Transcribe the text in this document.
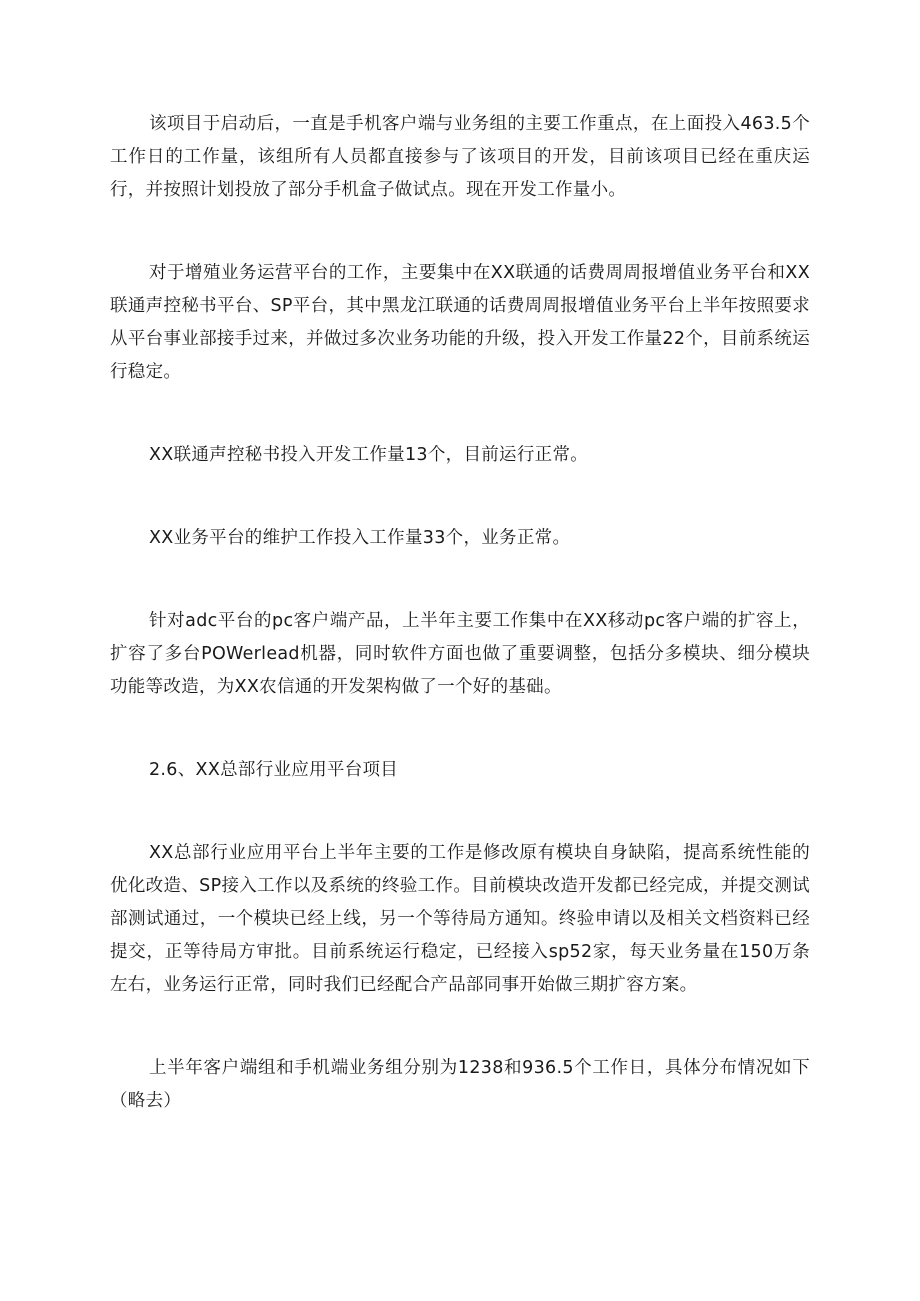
该项目于启动后，一直是手机客户端与业务组的主要工作重点，在上面投入463.5个工作日的工作量，该组所有人员都直接参与了该项目的开发，目前该项目已经在重庆运行，并按照计划投放了部分手机盒子做试点。现在开发工作量小。

对于增殖业务运营平台的工作，主要集中在XX联通的话费周周报增值业务平台和XX联通声控秘书平台、SP平台，其中黑龙江联通的话费周周报增值业务平台上半年按照要求从平台事业部接手过来，并做过多次业务功能的升级，投入开发工作量22个，目前系统运行稳定。

XX联通声控秘书投入开发工作量13个，目前运行正常。

XX业务平台的维护工作投入工作量33个，业务正常。

针对adc平台的pc客户端产品，上半年主要工作集中在XX移动pc客户端的扩容上，扩容了多台POWerlead机器，同时软件方面也做了重要调整，包括分多模块、细分模块功能等改造，为XX农信通的开发架构做了一个好的基础。

2.6、XX总部行业应用平台项目

XX总部行业应用平台上半年主要的工作是修改原有模块自身缺陷，提高系统性能的优化改造、SP接入工作以及系统的终验工作。目前模块改造开发都已经完成，并提交测试部测试通过，一个模块已经上线，另一个等待局方通知。终验申请以及相关文档资料已经提交，正等待局方审批。目前系统运行稳定，已经接入sp52家，每天业务量在150万条左右，业务运行正常，同时我们已经配合产品部同事开始做三期扩容方案。

上半年客户端组和手机端业务组分别为1238和936.5个工作日，具体分布情况如下（略去）
